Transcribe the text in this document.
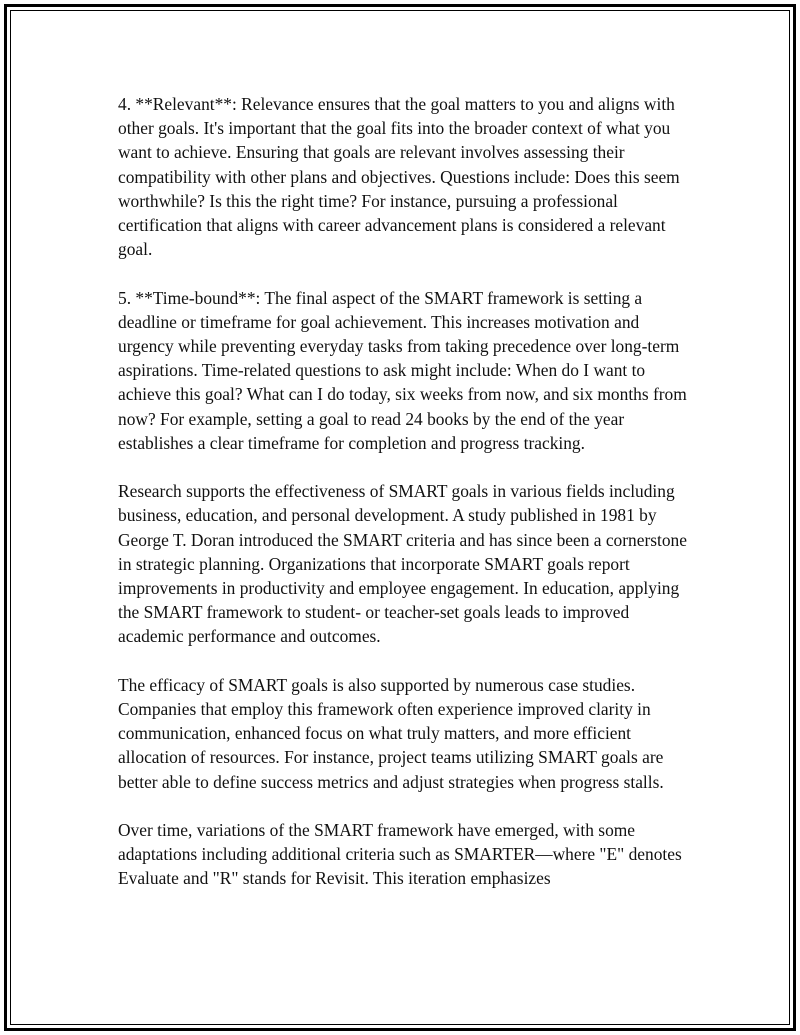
4. **Relevant**: Relevance ensures that the goal matters to you and aligns with other goals. It's important that the goal fits into the broader context of what you want to achieve. Ensuring that goals are relevant involves assessing their compatibility with other plans and objectives. Questions include: Does this seem worthwhile? Is this the right time? For instance, pursuing a professional certification that aligns with career advancement plans is considered a relevant goal.

5. **Time-bound**: The final aspect of the SMART framework is setting a deadline or timeframe for goal achievement. This increases motivation and urgency while preventing everyday tasks from taking precedence over long-term aspirations. Time-related questions to ask might include: When do I want to achieve this goal? What can I do today, six weeks from now, and six months from now? For example, setting a goal to read 24 books by the end of the year establishes a clear timeframe for completion and progress tracking.

Research supports the effectiveness of SMART goals in various fields including business, education, and personal development. A study published in 1981 by George T. Doran introduced the SMART criteria and has since been a cornerstone in strategic planning. Organizations that incorporate SMART goals report improvements in productivity and employee engagement. In education, applying the SMART framework to student- or teacher-set goals leads to improved academic performance and outcomes.

The efficacy of SMART goals is also supported by numerous case studies. Companies that employ this framework often experience improved clarity in communication, enhanced focus on what truly matters, and more efficient allocation of resources. For instance, project teams utilizing SMART goals are better able to define success metrics and adjust strategies when progress stalls.

Over time, variations of the SMART framework have emerged, with some adaptations including additional criteria such as SMARTER—where "E" denotes Evaluate and "R" stands for Revisit. This iteration emphasizes
